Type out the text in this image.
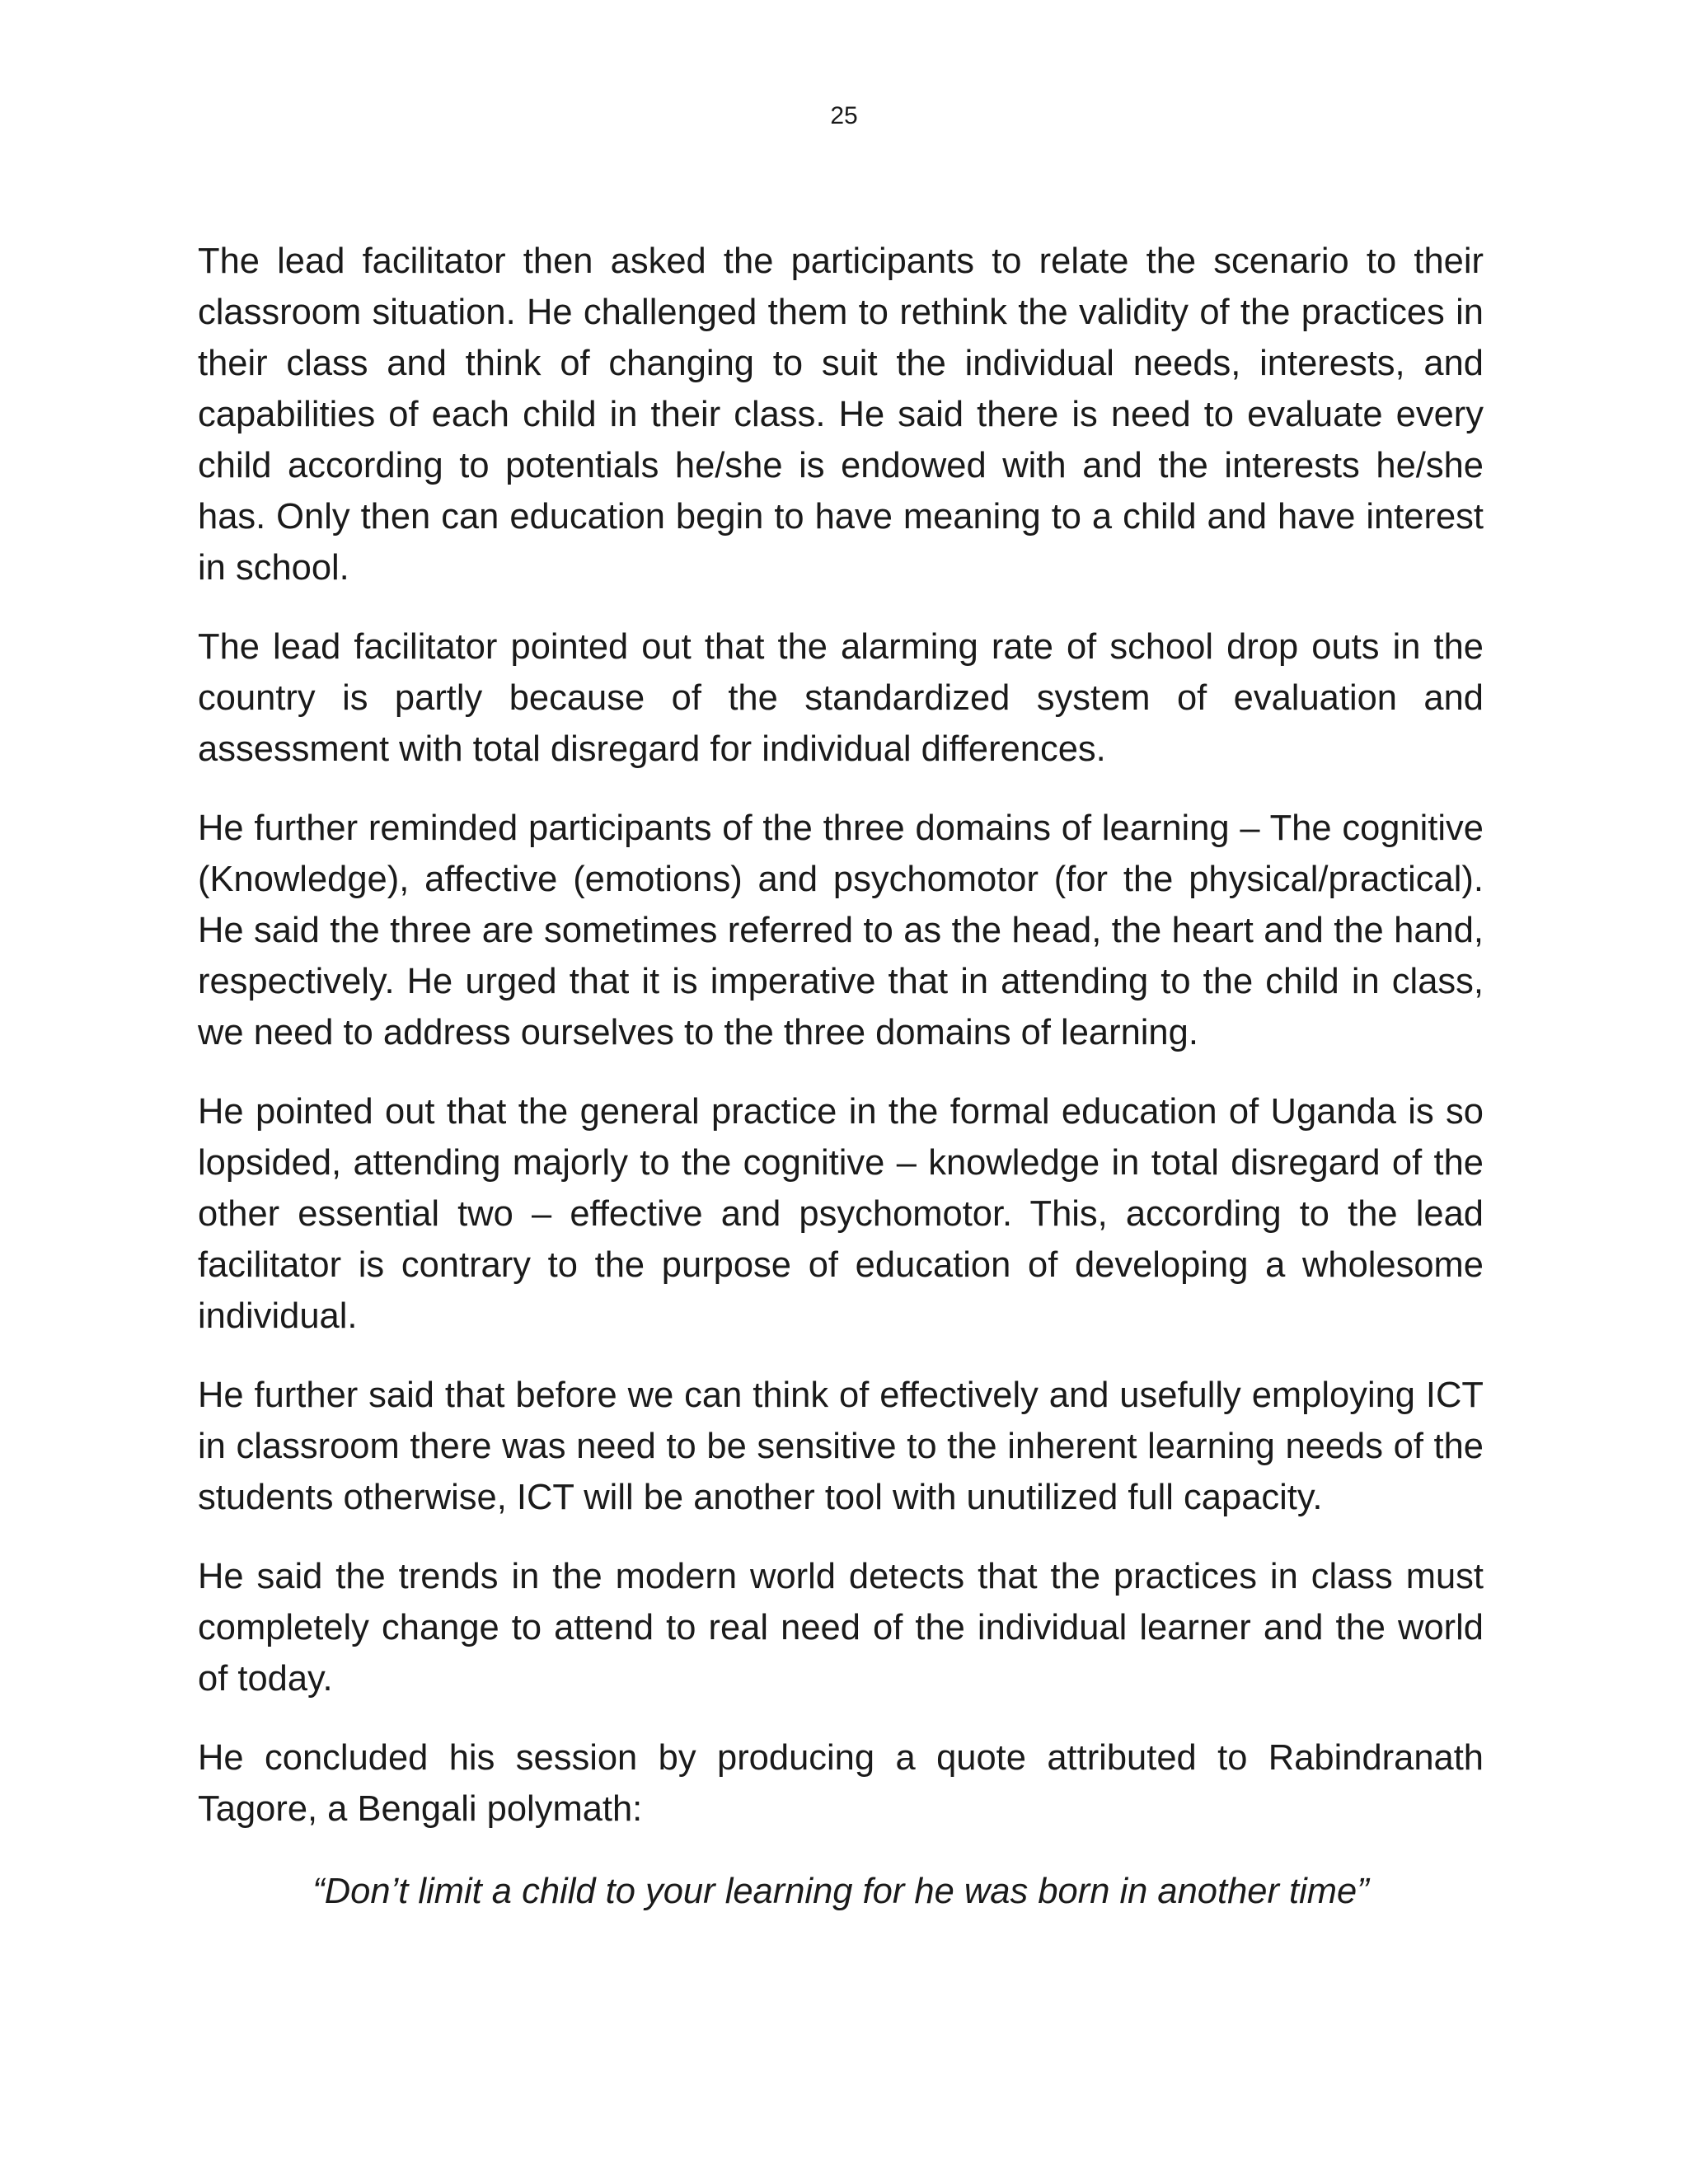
25

The lead facilitator then asked the participants to relate the scenario to their classroom situation. He challenged them to rethink the validity of the practices in their class and think of changing to suit the individual needs, interests, and capabilities of each child in their class. He said there is need to evaluate every child according to potentials he/she is endowed with and the interests he/she has. Only then can education begin to have meaning to a child and have interest in school.

The lead facilitator pointed out that the alarming rate of school drop outs in the country is partly because of the standardized system of evaluation and assessment with total disregard for individual differences.

He further reminded participants of the three domains of learning – The cognitive (Knowledge), affective (emotions) and psychomotor (for the physical/practical). He said the three are sometimes referred to as the head, the heart and the hand, respectively. He urged that it is imperative that in attending to the child in class, we need to address ourselves to the three domains of learning.

He pointed out that the general practice in the formal education of Uganda is so lopsided, attending majorly to the cognitive – knowledge in total disregard of the other essential two – effective and psychomotor. This, according to the lead facilitator is contrary to the purpose of education of developing a wholesome individual.

He further said that before we can think of effectively and usefully employing ICT in classroom there was need to be sensitive to the inherent learning needs of the students otherwise, ICT will be another tool with unutilized full capacity.

He said the trends in the modern world detects that the practices in class must completely change to attend to real need of the individual learner and the world of today.

He concluded his session by producing a quote attributed to Rabindranath Tagore, a Bengali polymath:

“Don’t limit a child to your learning for he was born in another time”
